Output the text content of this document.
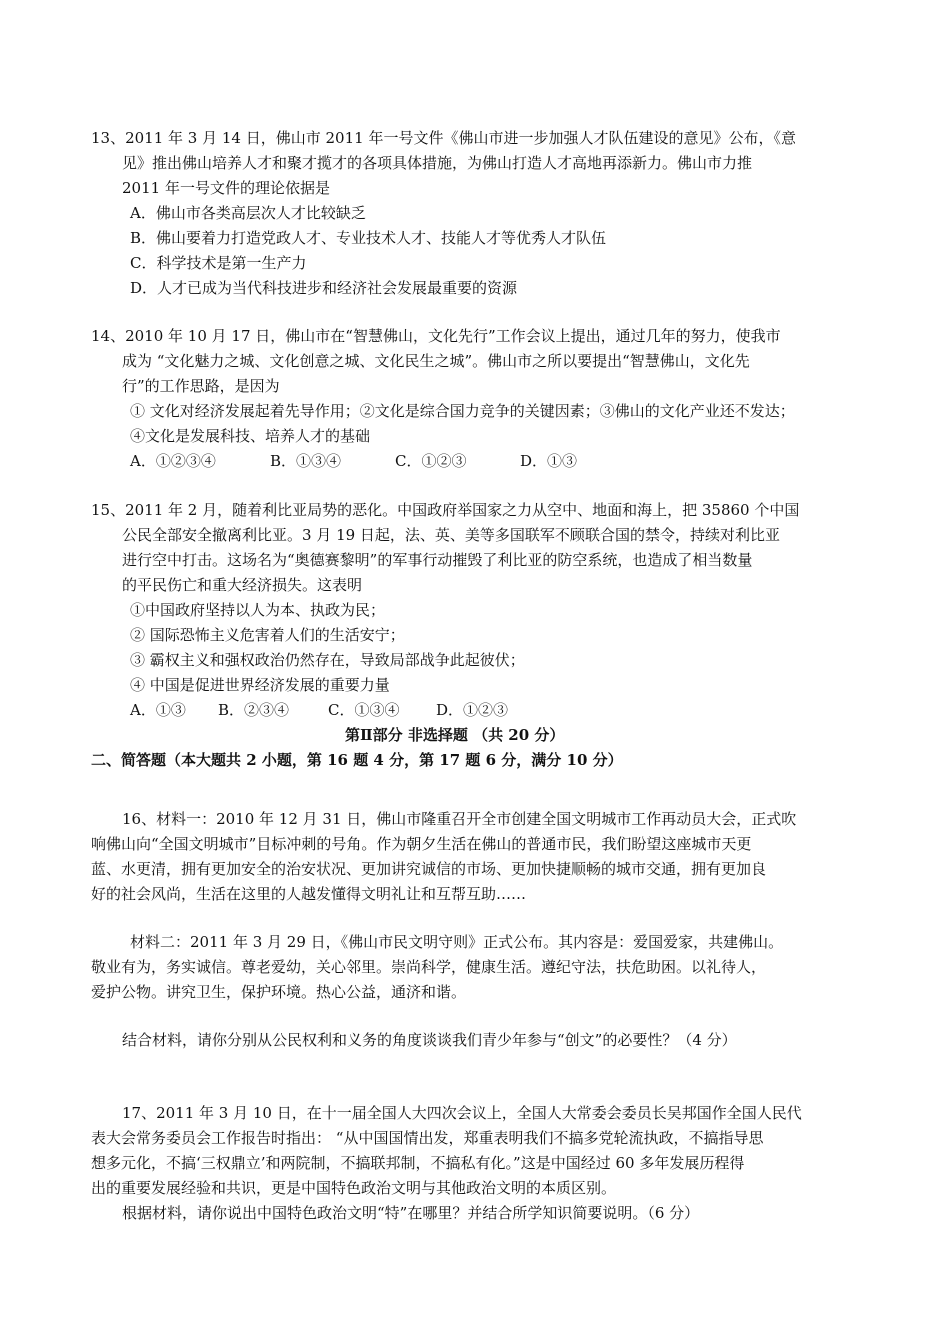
13、2011 年 3 月 14 日，佛山市 2011 年一号文件《佛山市进一步加强人才队伍建设的意见》公布，《意
见》推出佛山培养人才和聚才揽才的各项具体措施，为佛山打造人才高地再添新力。佛山市力推
2011 年一号文件的理论依据是
A．佛山市各类高层次人才比较缺乏
B．佛山要着力打造党政人才、专业技术人才、技能人才等优秀人才队伍
C．科学技术是第一生产力
D．人才已成为当代科技进步和经济社会发展最重要的资源
14、2010 年 10 月 17 日，佛山市在“智慧佛山，文化先行”工作会议上提出，通过几年的努力，使我市
成为 “文化魅力之城、文化创意之城、文化民生之城”。佛山市之所以要提出“智慧佛山，文化先
行”的工作思路，是因为
① 文化对经济发展起着先导作用；②文化是综合国力竞争的关键因素；③佛山的文化产业还不发达；
④文化是发展科技、培养人才的基础
A．①②③④	B．①③④	C．①②③	D．①③
15、2011 年 2 月，随着利比亚局势的恶化。中国政府举国家之力从空中、地面和海上，把 35860 个中国
公民全部安全撤离利比亚。3 月 19 日起，法、英、美等多国联军不顾联合国的禁令，持续对利比亚
进行空中打击。这场名为“奥德赛黎明”的军事行动摧毁了利比亚的防空系统，也造成了相当数量
的平民伤亡和重大经济损失。这表明
①中国政府坚持以人为本、执政为民；
② 国际恐怖主义危害着人们的生活安宁；
③ 霸权主义和强权政治仍然存在，导致局部战争此起彼伏；
④ 中国是促进世界经济发展的重要力量
A．①③ B．②③④	C．①③④ D．①②③
第Ⅱ部分 非选择题 （共 20 分）
二、简答题（本大题共 2 小题，第 16 题 4 分，第 17 题 6 分，满分 10 分）
16、材料一：2010 年 12 月 31 日，佛山市隆重召开全市创建全国文明城市工作再动员大会，正式吹
响佛山向“全国文明城市”目标冲刺的号角。作为朝夕生活在佛山的普通市民，我们盼望这座城市天更
蓝、水更清，拥有更加安全的治安状况、更加讲究诚信的市场、更加快捷顺畅的城市交通，拥有更加良
好的社会风尚，生活在这里的人越发懂得文明礼让和互帮互助……
材料二：2011 年 3 月 29 日，《佛山市民文明守则》正式公布。其内容是：爱国爱家，共建佛山。
敬业有为，务实诚信。尊老爱幼，关心邻里。崇尚科学，健康生活。遵纪守法，扶危助困。以礼待人，
爱护公物。讲究卫生，保护环境。热心公益，通济和谐。
结合材料，请你分别从公民权利和义务的角度谈谈我们青少年参与“创文”的必要性？（4 分）
17、2011 年 3 月 10 日，在十一届全国人大四次会议上，全国人大常委会委员长吴邦国作全国人民代
表大会常务委员会工作报告时指出： “从中国国情出发，郑重表明我们不搞多党轮流执政，不搞指导思
想多元化，不搞‘三权鼎立’和两院制，不搞联邦制，不搞私有化。”这是中国经过 60 多年发展历程得
出的重要发展经验和共识，更是中国特色政治文明与其他政治文明的本质区别。
根据材料，请你说出中国特色政治文明“特”在哪里？并结合所学知识简要说明。（6 分）
